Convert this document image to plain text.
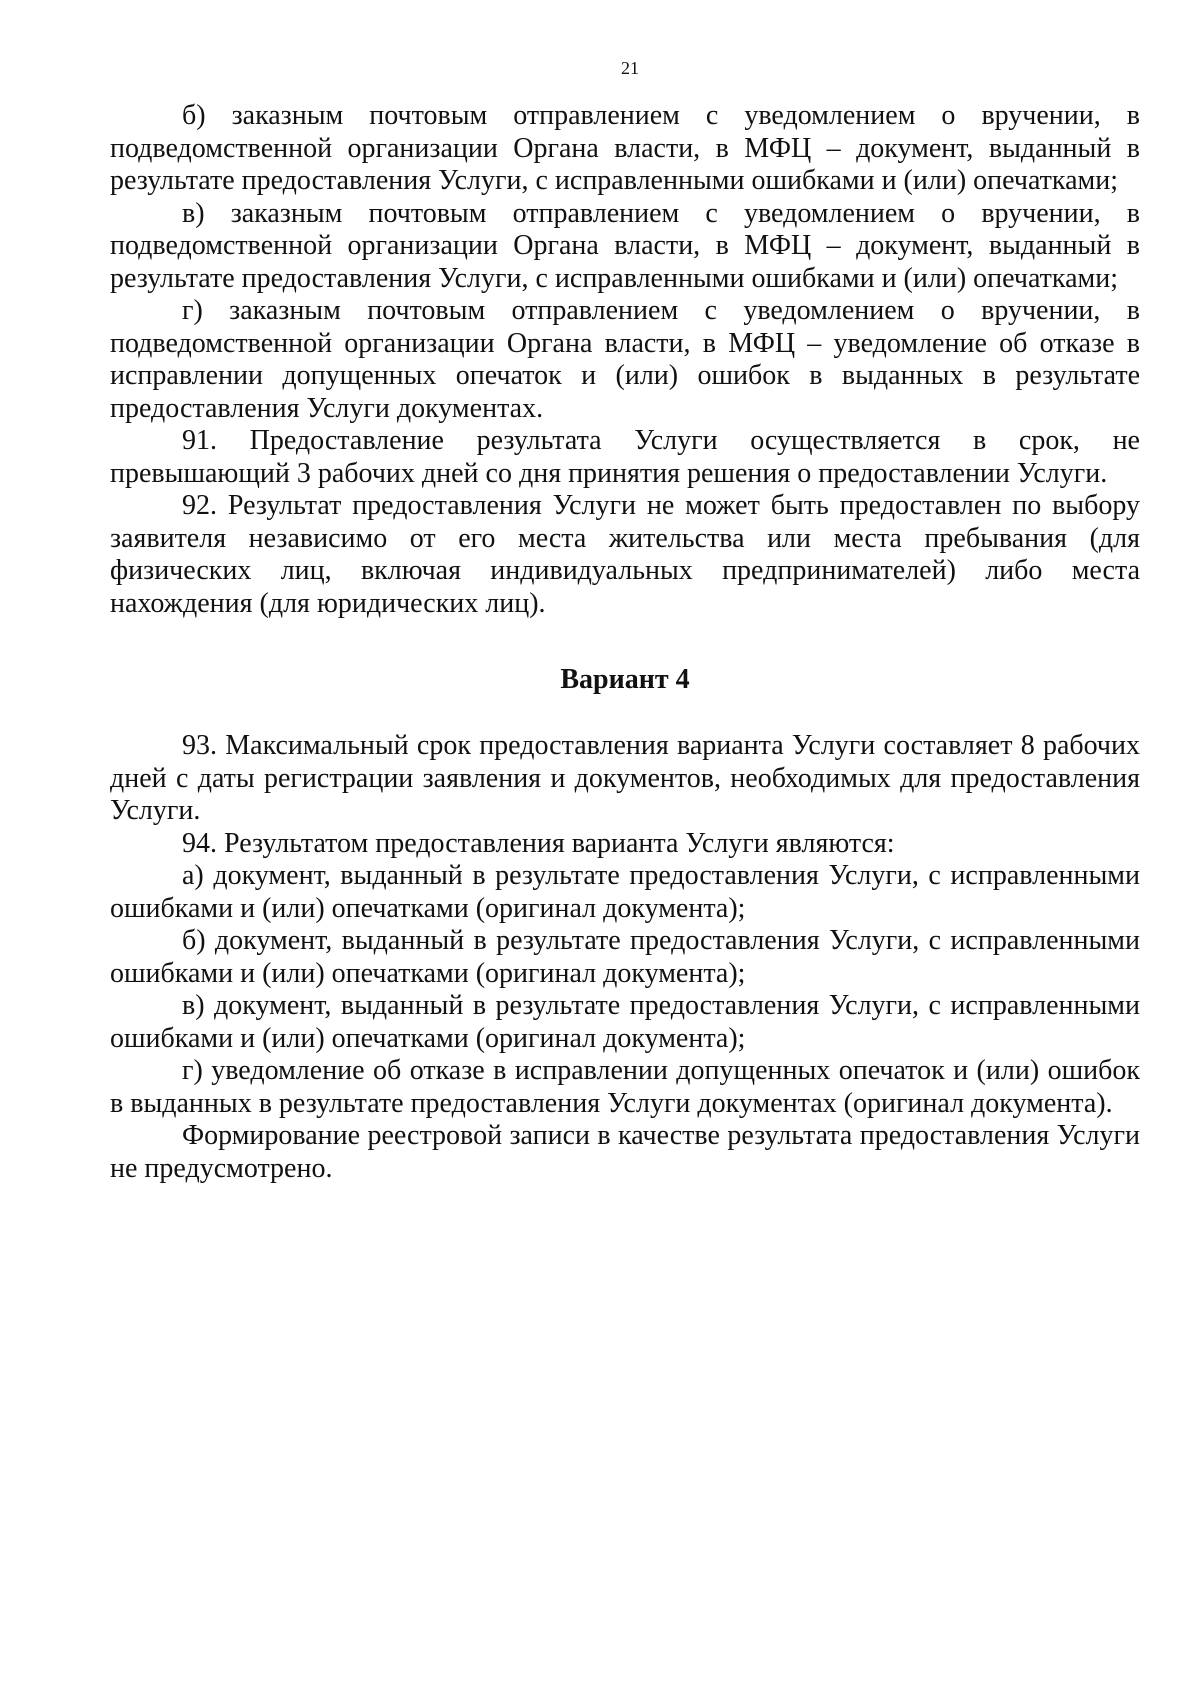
21

б) заказным почтовым отправлением с уведомлением о вручении, в подведомственной организации Органа власти, в МФЦ – документ, выданный в результате предоставления Услуги, с исправленными ошибками и (или) опечатками;

в) заказным почтовым отправлением с уведомлением о вручении, в подведомственной организации Органа власти, в МФЦ – документ, выданный в результате предоставления Услуги, с исправленными ошибками и (или) опечатками;

г) заказным почтовым отправлением с уведомлением о вручении, в подведомственной организации Органа власти, в МФЦ – уведомление об отказе в исправлении допущенных опечаток и (или) ошибок в выданных в результате предоставления Услуги документах.

91. Предоставление результата Услуги осуществляется в срок, не превышающий 3 рабочих дней со дня принятия решения о предоставлении Услуги.

92. Результат предоставления Услуги не может быть предоставлен по выбору заявителя независимо от его места жительства или места пребывания (для физических лиц, включая индивидуальных предпринимателей) либо места нахождения (для юридических лиц).

Вариант 4

93. Максимальный срок предоставления варианта Услуги составляет 8 рабочих дней с даты регистрации заявления и документов, необходимых для предоставления Услуги.

94. Результатом предоставления варианта Услуги являются:

а) документ, выданный в результате предоставления Услуги, с исправленными ошибками и (или) опечатками (оригинал документа);

б) документ, выданный в результате предоставления Услуги, с исправленными ошибками и (или) опечатками (оригинал документа);

в) документ, выданный в результате предоставления Услуги, с исправленными ошибками и (или) опечатками (оригинал документа);

г) уведомление об отказе в исправлении допущенных опечаток и (или) ошибок в выданных в результате предоставления Услуги документах (оригинал документа).

Формирование реестровой записи в качестве результата предоставления Услуги не предусмотрено.
